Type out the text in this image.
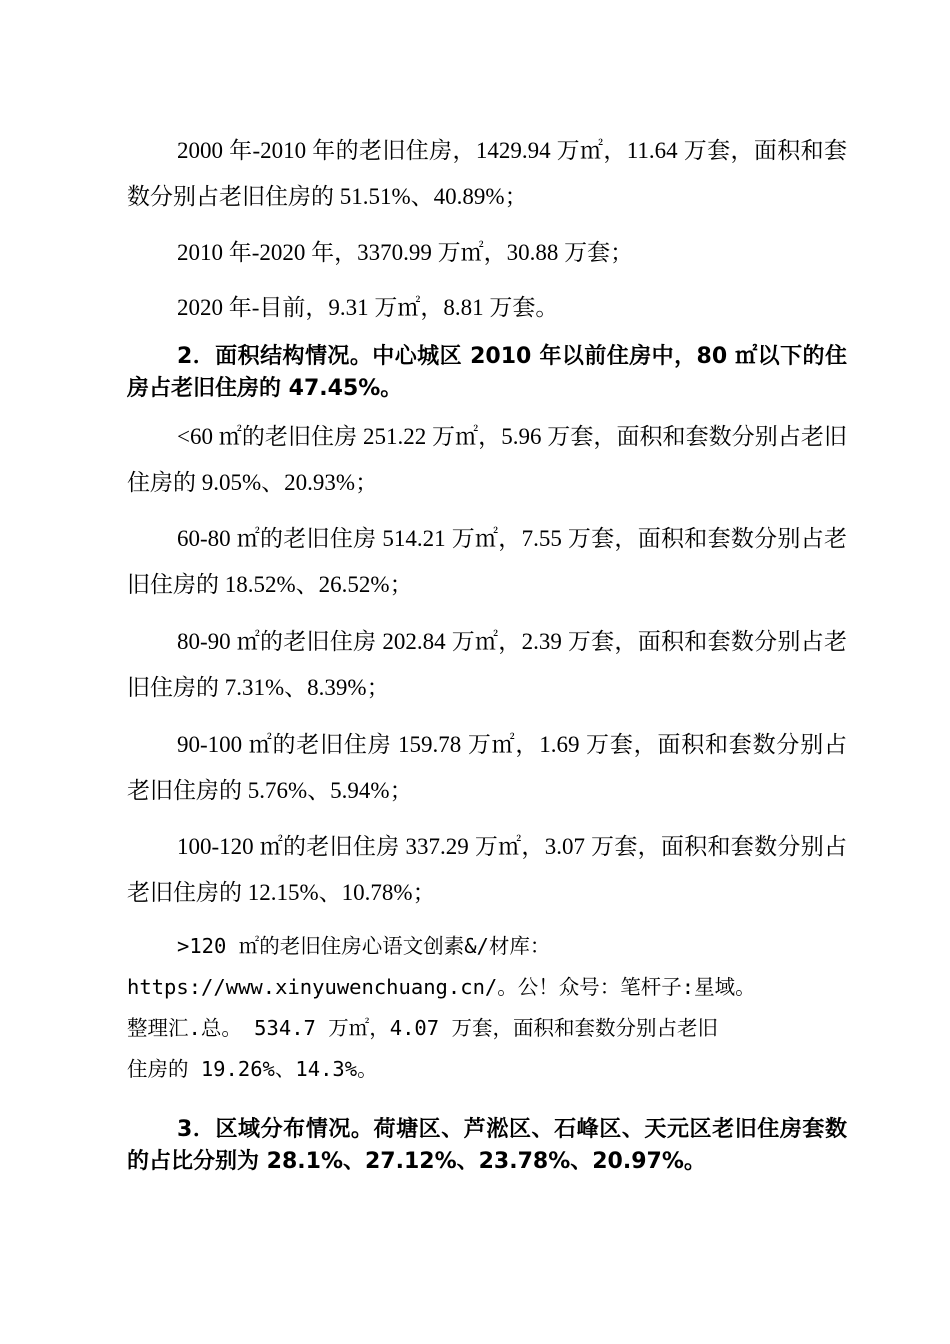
2000 年-2010 年的老旧住房，1429.94 万㎡，11.64 万套，面积和套数分别占老旧住房的 51.51%、40.89%；

2010 年-2020 年，3370.99 万㎡，30.88 万套；

2020 年-目前，9.31 万㎡，8.81 万套。

2．面积结构情况。中心城区 2010 年以前住房中，80 ㎡以下的住房占老旧住房的 47.45%。

<60 ㎡的老旧住房 251.22 万㎡，5.96 万套，面积和套数分别占老旧住房的 9.05%、20.93%；

60-80 ㎡的老旧住房 514.21 万㎡，7.55 万套，面积和套数分别占老旧住房的 18.52%、26.52%；

80-90 ㎡的老旧住房 202.84 万㎡，2.39 万套，面积和套数分别占老旧住房的 7.31%、8.39%；

90-100 ㎡的老旧住房 159.78 万㎡，1.69 万套，面积和套数分别占老旧住房的 5.76%、5.94%；

100-120 ㎡的老旧住房 337.29 万㎡，3.07 万套，面积和套数分别占老旧住房的 12.15%、10.78%；

>120 ㎡的老旧住房心语文创素&/材库：
https://www.xinyuwenchuang.cn/。公！众号：笔杆子:星域。
整理汇.总。 534.7 万㎡，4.07 万套，面积和套数分别占老旧
住房的 19.26%、14.3%。

3．区域分布情况。荷塘区、芦淞区、石峰区、天元区老旧住房套数的占比分别为 28.1%、27.12%、23.78%、20.97%。
